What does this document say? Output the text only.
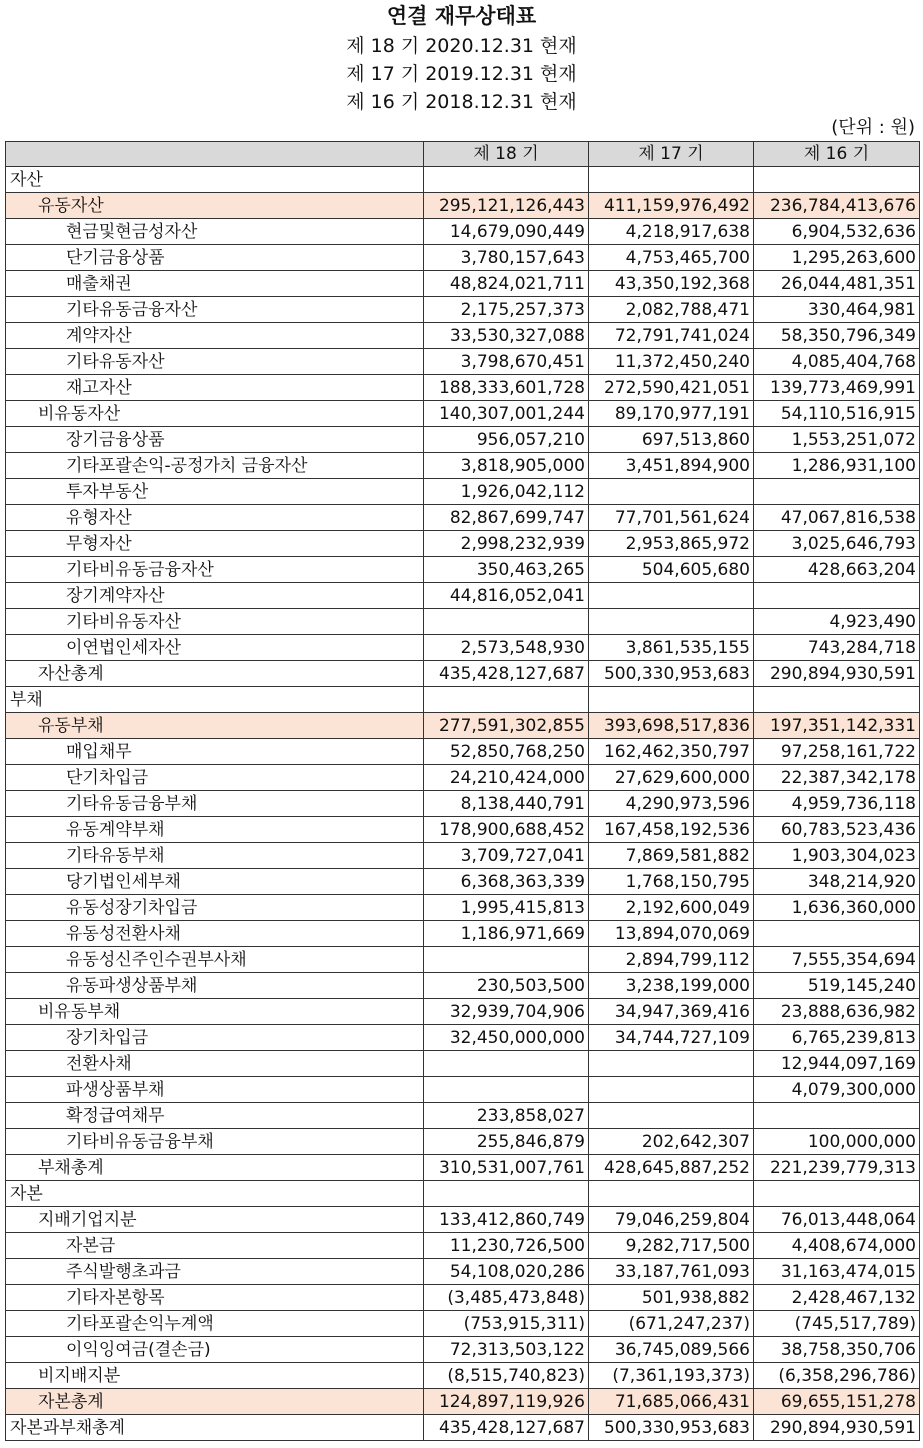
연결 재무상태표
제 18 기 2020.12.31 현재
제 17 기 2019.12.31 현재
제 16 기 2018.12.31 현재
(단위 : 원)
	제 18 기	제 17 기	제 16 기
자산			
유동자산	295,121,126,443	411,159,976,492	236,784,413,676
현금및현금성자산	14,679,090,449	4,218,917,638	6,904,532,636
단기금융상품	3,780,157,643	4,753,465,700	1,295,263,600
매출채권	48,824,021,711	43,350,192,368	26,044,481,351
기타유동금융자산	2,175,257,373	2,082,788,471	330,464,981
계약자산	33,530,327,088	72,791,741,024	58,350,796,349
기타유동자산	3,798,670,451	11,372,450,240	4,085,404,768
재고자산	188,333,601,728	272,590,421,051	139,773,469,991
비유동자산	140,307,001,244	89,170,977,191	54,110,516,915
장기금융상품	956,057,210	697,513,860	1,553,251,072
기타포괄손익-공정가치 금융자산	3,818,905,000	3,451,894,900	1,286,931,100
투자부동산	1,926,042,112		
유형자산	82,867,699,747	77,701,561,624	47,067,816,538
무형자산	2,998,232,939	2,953,865,972	3,025,646,793
기타비유동금융자산	350,463,265	504,605,680	428,663,204
장기계약자산	44,816,052,041		
기타비유동자산			4,923,490
이연법인세자산	2,573,548,930	3,861,535,155	743,284,718
자산총계	435,428,127,687	500,330,953,683	290,894,930,591
부채			
유동부채	277,591,302,855	393,698,517,836	197,351,142,331
매입채무	52,850,768,250	162,462,350,797	97,258,161,722
단기차입금	24,210,424,000	27,629,600,000	22,387,342,178
기타유동금융부채	8,138,440,791	4,290,973,596	4,959,736,118
유동계약부채	178,900,688,452	167,458,192,536	60,783,523,436
기타유동부채	3,709,727,041	7,869,581,882	1,903,304,023
당기법인세부채	6,368,363,339	1,768,150,795	348,214,920
유동성장기차입금	1,995,415,813	2,192,600,049	1,636,360,000
유동성전환사채	1,186,971,669	13,894,070,069	
유동성신주인수권부사채		2,894,799,112	7,555,354,694
유동파생상품부채	230,503,500	3,238,199,000	519,145,240
비유동부채	32,939,704,906	34,947,369,416	23,888,636,982
장기차입금	32,450,000,000	34,744,727,109	6,765,239,813
전환사채			12,944,097,169
파생상품부채			4,079,300,000
확정급여채무	233,858,027		
기타비유동금융부채	255,846,879	202,642,307	100,000,000
부채총계	310,531,007,761	428,645,887,252	221,239,779,313
자본			
지배기업지분	133,412,860,749	79,046,259,804	76,013,448,064
자본금	11,230,726,500	9,282,717,500	4,408,674,000
주식발행초과금	54,108,020,286	33,187,761,093	31,163,474,015
기타자본항목	(3,485,473,848)	501,938,882	2,428,467,132
기타포괄손익누계액	(753,915,311)	(671,247,237)	(745,517,789)
이익잉여금(결손금)	72,313,503,122	36,745,089,566	38,758,350,706
비지배지분	(8,515,740,823)	(7,361,193,373)	(6,358,296,786)
자본총계	124,897,119,926	71,685,066,431	69,655,151,278
자본과부채총계	435,428,127,687	500,330,953,683	290,894,930,591
